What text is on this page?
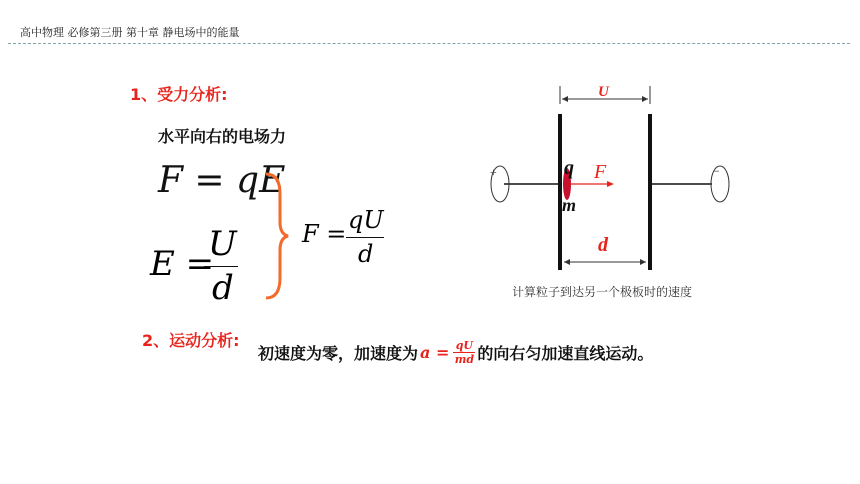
高中物理 必修第三册 第十章 静电场中的能量
1、受力分析:
水平向右的电场力
F = qE
E =
U
d
F = qU
d
U
+	−
q
m
F
d
计算粒子到达另一个极板时的速度
2、运动分析:
初速度为零，加速度为 a = qU
md 的向右匀加速直线运动。
